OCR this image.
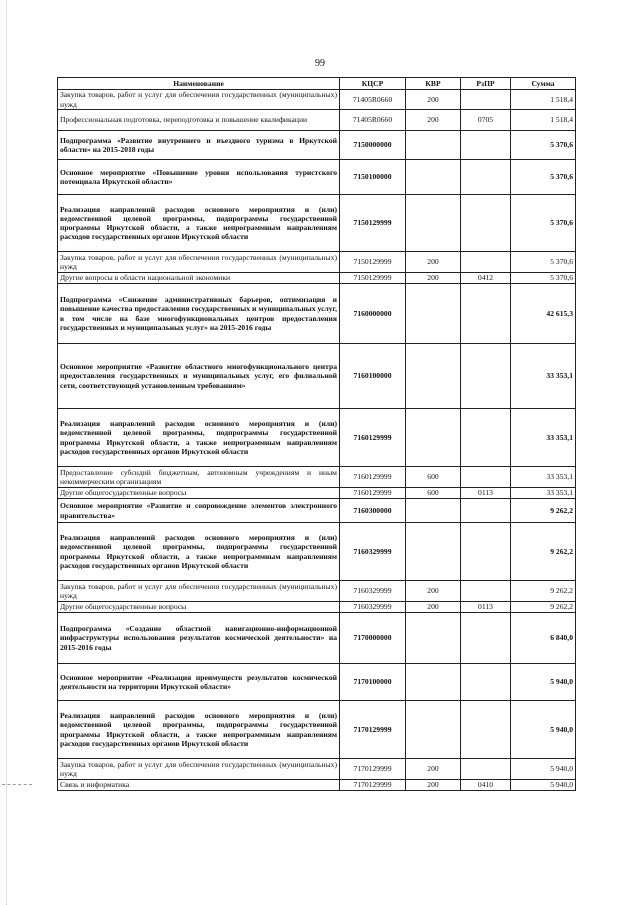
99
Наименование	КЦСР	КВР	РзПР	Сумма
Закупка товаров, работ и услуг для обеспечения государственных (муниципальных) нужд	71405R0660	200		1 518,4
Профессиональная подготовка, переподготовка и повышение квалификации	71405R0660	200	0705	1 518,4
Подпрограмма «Развитие внутреннего и въездного туризма в Иркутской области» на 2015-2018 годы	7150000000			5 370,6
Основное мероприятие «Повышение уровня использования туристского потенциала Иркутской области»	7150100000			5 370,6
Реализация направлений расходов основного мероприятия и (или) ведомственной целевой программы, подпрограммы государственной программы Иркутской области, а также непрограммным направлениям расходов государственных органов Иркутской области	7150129999			5 370,6
Закупка товаров, работ и услуг для обеспечения государственных (муниципальных) нужд	7150129999	200		5 370,6
Другие вопросы в области национальной экономики	7150129999	200	0412	5 370,6
Подпрограмма «Снижение административных барьеров, оптимизация и повышение качества предоставления государственных и муниципальных услуг, в том числе на базе многофункциональных центров предоставления государственных и муниципальных услуг» на 2015-2016 годы	7160000000			42 615,3
Основное мероприятие «Развитие областного многофункционального центра предоставления государственных и муниципальных услуг, его филиальной сети, соответствующей установленным требованиям»	7160100000			33 353,1
Реализация направлений расходов основного мероприятия и (или) ведомственной целевой программы, подпрограммы государственной программы Иркутской области, а также непрограммным направлениям расходов государственных органов Иркутской области	7160129999			33 353,1
Предоставление субсидий бюджетным, автономным учреждениям и иным некоммерческим организациям	7160129999	600		33 353,1
Другие общегосударственные вопросы	7160129999	600	0113	33 353,1
Основное мероприятие «Развитие и сопровождение элементов электронного правительства»	7160300000			9 262,2
Реализация направлений расходов основного мероприятия и (или) ведомственной целевой программы, подпрограммы государственной программы Иркутской области, а также непрограммным направлениям расходов государственных органов Иркутской области	7160329999			9 262,2
Закупка товаров, работ и услуг для обеспечения государственных (муниципальных) нужд	7160329999	200		9 262,2
Другие общегосударственные вопросы	7160329999	200	0113	9 262,2
Подпрограмма «Создание областной навигационно-информационной инфраструктуры использования результатов космической деятельности» на 2015-2016 годы	7170000000			6 840,0
Основное мероприятие «Реализация преимуществ результатов космической деятельности на территории Иркутской области»	7170100000			5 940,0
Реализация направлений расходов основного мероприятия и (или) ведомственной целевой программы, подпрограммы государственной программы Иркутской области, а также непрограммным направлениям расходов государственных органов Иркутской области	7170129999			5 940,0
Закупка товаров, работ и услуг для обеспечения государственных (муниципальных) нужд	7170129999	200		5 940,0
Связь и информатика	7170129999	200	0410	5 940,0
